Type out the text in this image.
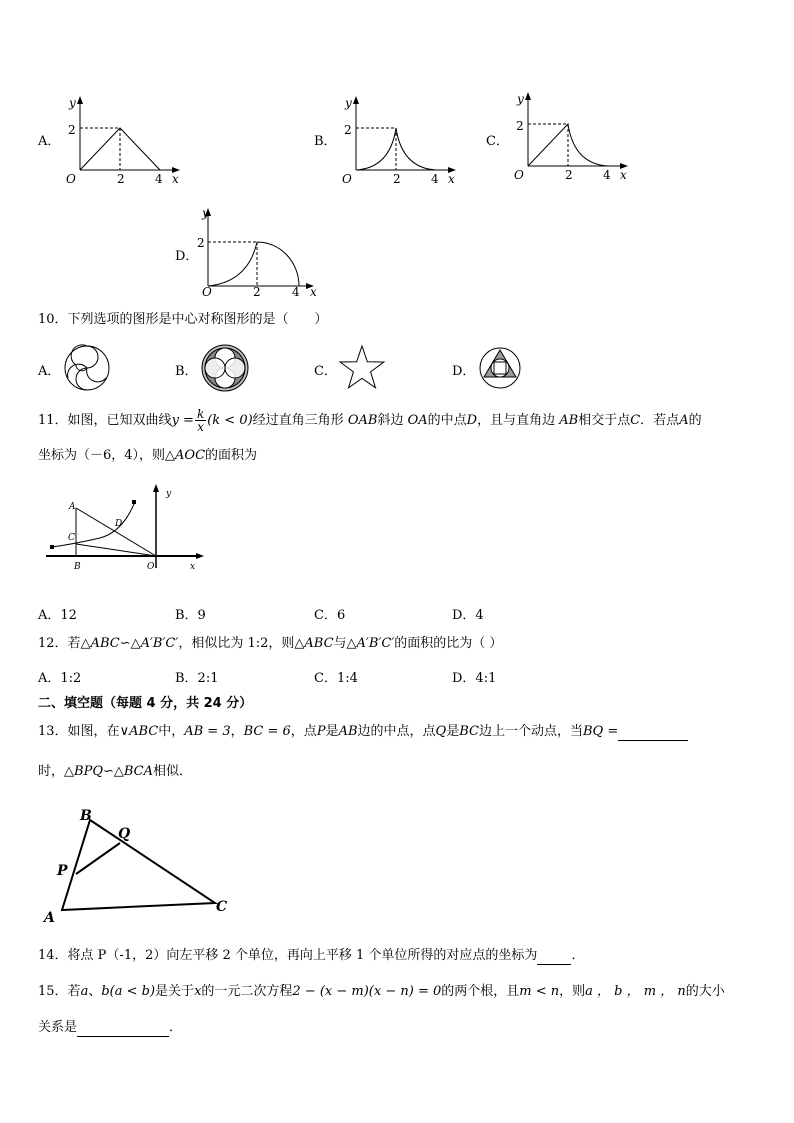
A．
y
x
O
2
2	4
B．
y
x
O
2
2	4
C．
y
x
O
2
2	4
D．
y
x
O
2
2	4
10．下列选项的图形是中心对称图形的是（　　）
A．	B．	C．	D．
11．如图，已知双曲线$y = \frac{k}{x} (k < 0)$经过直角三角形 OAB斜边 OA的中点D，且与直角边 AB相交于点C．若点A的
坐标为（－6，4），则△AOC的面积为
A
D
C
B	O	x
y
A．12	B．9	C．6	D．4
12．若△ABC∽△A′B′C′，相似比为 1:2，则△ABC与△A′B′C′的面积的比为（ ）
A．1:2	B．2:1	C．1:4	D．4:1
二、填空题（每题 4 分，共 24 分）
13．如图，在∨ABC中，AB = 3，BC = 6，点P是AB边的中点，点Q是BC边上一个动点，当BQ =
时，△BPQ∽△BCA相似．
B
Q
P
A
C
14．将点 P（-1，2）向左平移 2 个单位，再向上平移 1 个单位所得的对应点的坐标为	．
15．若a、b(a < b)是关于x的一元二次方程2 − (x − m)(x − n) = 0的两个根，且m < n，则a ， b ， m ， n的大小
关系是	．
